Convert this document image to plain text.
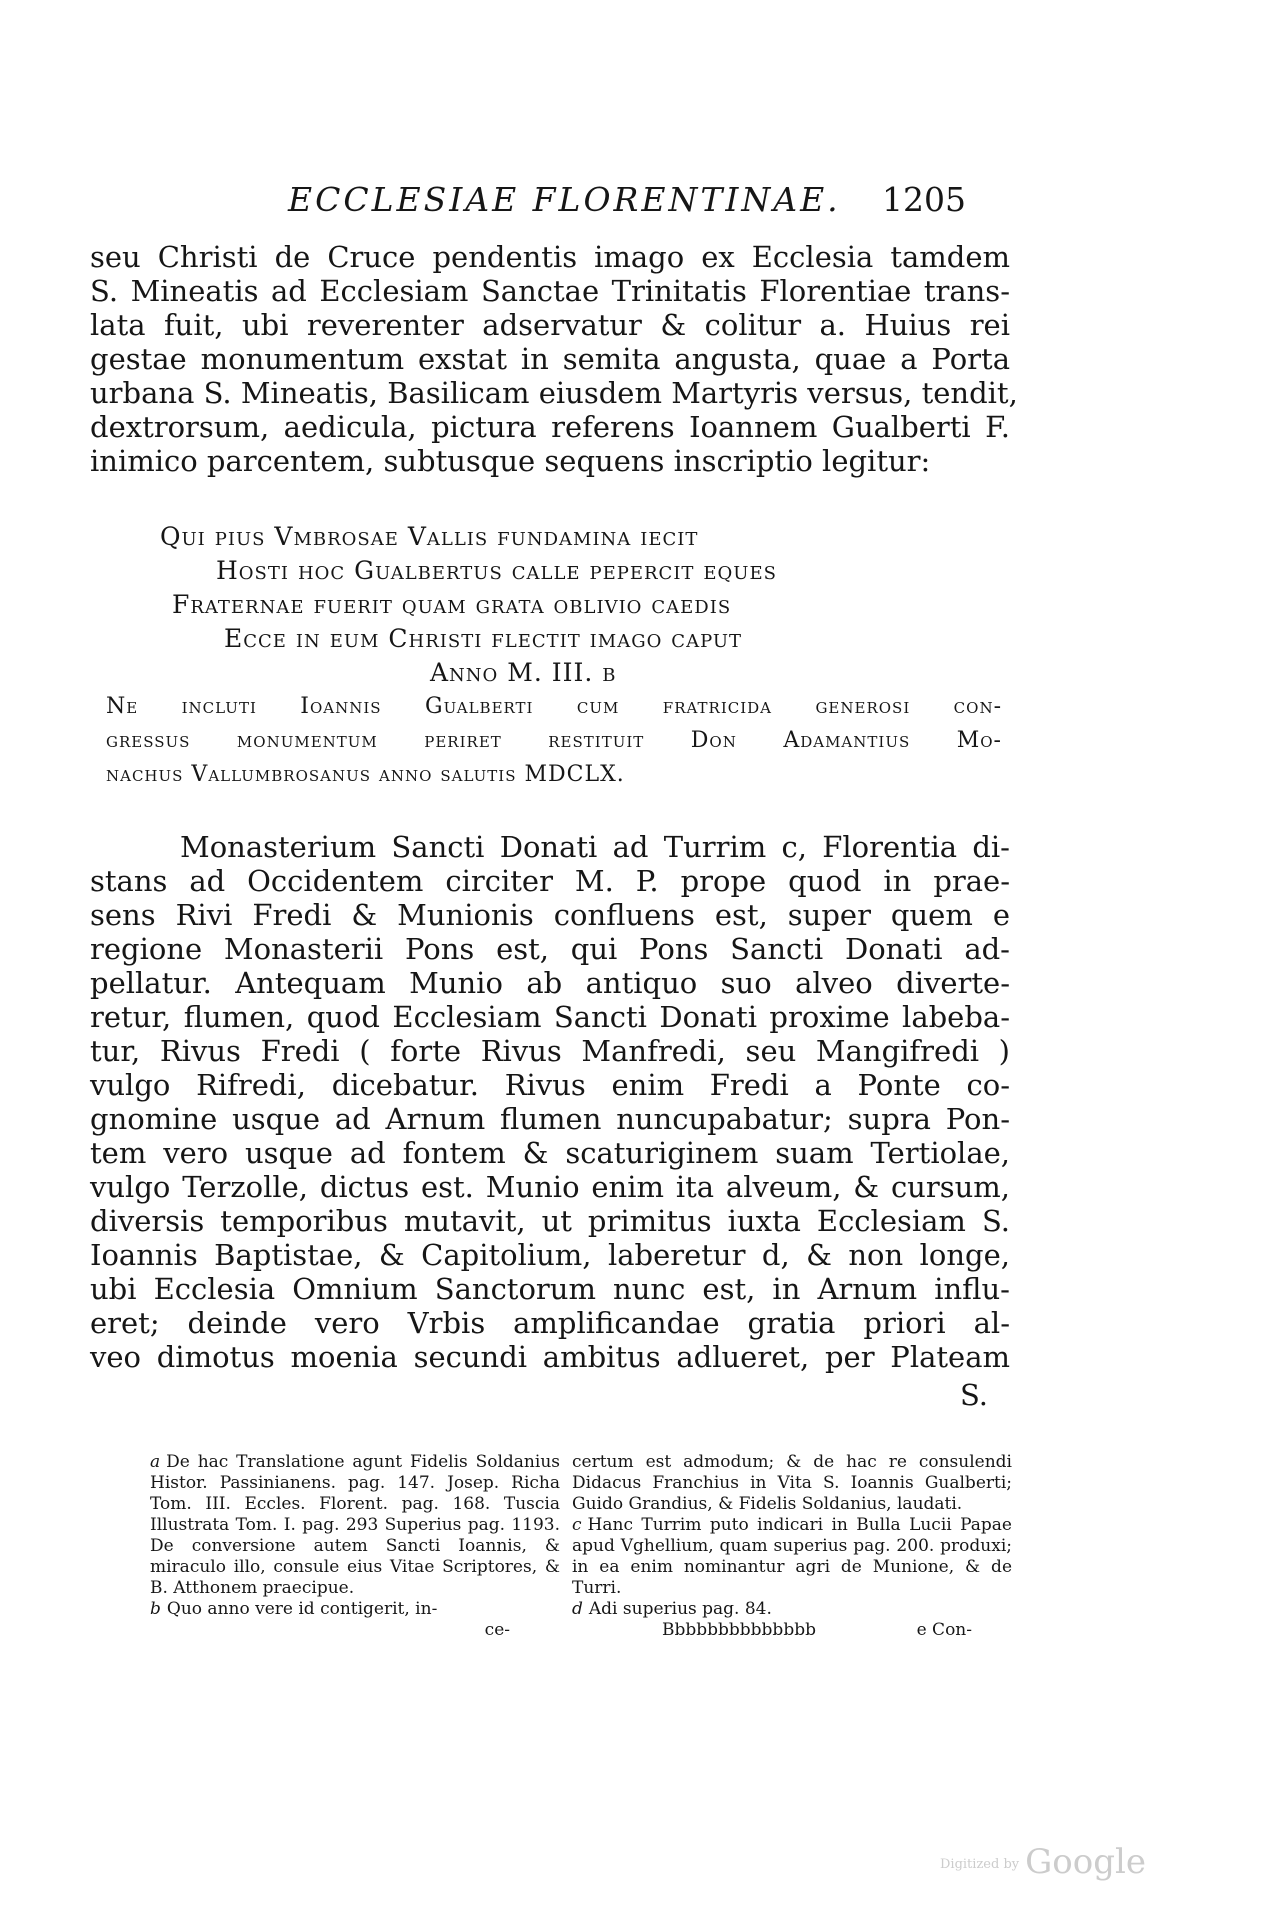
ECCLESIAE FLORENTINAE. 1205
seu Christi de Cruce pendentis imago ex Ecclesia tamdem
S. Mineatis ad Ecclesiam Sanctae Trinitatis Florentiae trans-
lata fuit, ubi reverenter adservatur & colitur a. Huius rei
gestae monumentum exstat in semita angusta, quae a Porta
urbana S. Mineatis, Basilicam eiusdem Martyris versus, tendit,
dextrorsum, aedicula, pictura referens Ioannem Gualberti F.
inimico parcentem, subtusque sequens inscriptio legitur:
Qui pius Vmbrosae Vallis fundamina iecit
Hosti hoc Gualbertus calle pepercit eques
Fraternae fuerit quam grata oblivio caedis
Ecce in eum Christi flectit imago caput
Anno M. III. b
Ne incluti Ioannis Gualberti cum fratricida generosi con-
gressus monumentum periret restituit Don Adamantius Mo-
nachus Vallumbrosanus anno salutis MDCLX.
Monasterium Sancti Donati ad Turrim c, Florentia di-
stans ad Occidentem circiter M. P. prope quod in prae-
sens Rivi Fredi & Munionis confluens est, super quem e
regione Monasterii Pons est, qui Pons Sancti Donati ad-
pellatur. Antequam Munio ab antiquo suo alveo diverte-
retur, flumen, quod Ecclesiam Sancti Donati proxime labeba-
tur, Rivus Fredi ( forte Rivus Manfredi, seu Mangifredi )
vulgo Rifredi, dicebatur. Rivus enim Fredi a Ponte co-
gnomine usque ad Arnum flumen nuncupabatur; supra Pon-
tem vero usque ad fontem & scaturiginem suam Tertiolae,
vulgo Terzolle, dictus est. Munio enim ita alveum, & cursum,
diversis temporibus mutavit, ut primitus iuxta Ecclesiam S.
Ioannis Baptistae, & Capitolium, laberetur d, & non longe,
ubi Ecclesia Omnium Sanctorum nunc est, in Arnum influ-
eret; deinde vero Vrbis amplificandae gratia priori al-
veo dimotus moenia secundi ambitus adlueret, per Plateam
S.
a De hac Translatione agunt Fidelis Soldanius Histor. Passinianens. pag. 147. Josep. Richa Tom. III. Eccles. Florent. pag. 168. Tuscia Illustrata Tom. I. pag. 293 Superius pag. 1193. De conversione autem Sancti Ioannis, & miraculo illo, consule eius Vitae Scriptores, & B. Atthonem praecipue.
b Quo anno vere id contigerit, in-
ce-
certum est admodum; & de hac re consulendi Didacus Franchius in Vita S. Ioannis Gualberti; Guido Grandius, & Fidelis Soldanius, laudati.
c Hanc Turrim puto indicari in Bulla Lucii Papae apud Vghellium, quam superius pag. 200. produxi; in ea enim nominantur agri de Munione, & de Turri.
d Adi superius pag. 84.
Bbbbbbbbbbbbbb	e Con-
Digitized by Google
